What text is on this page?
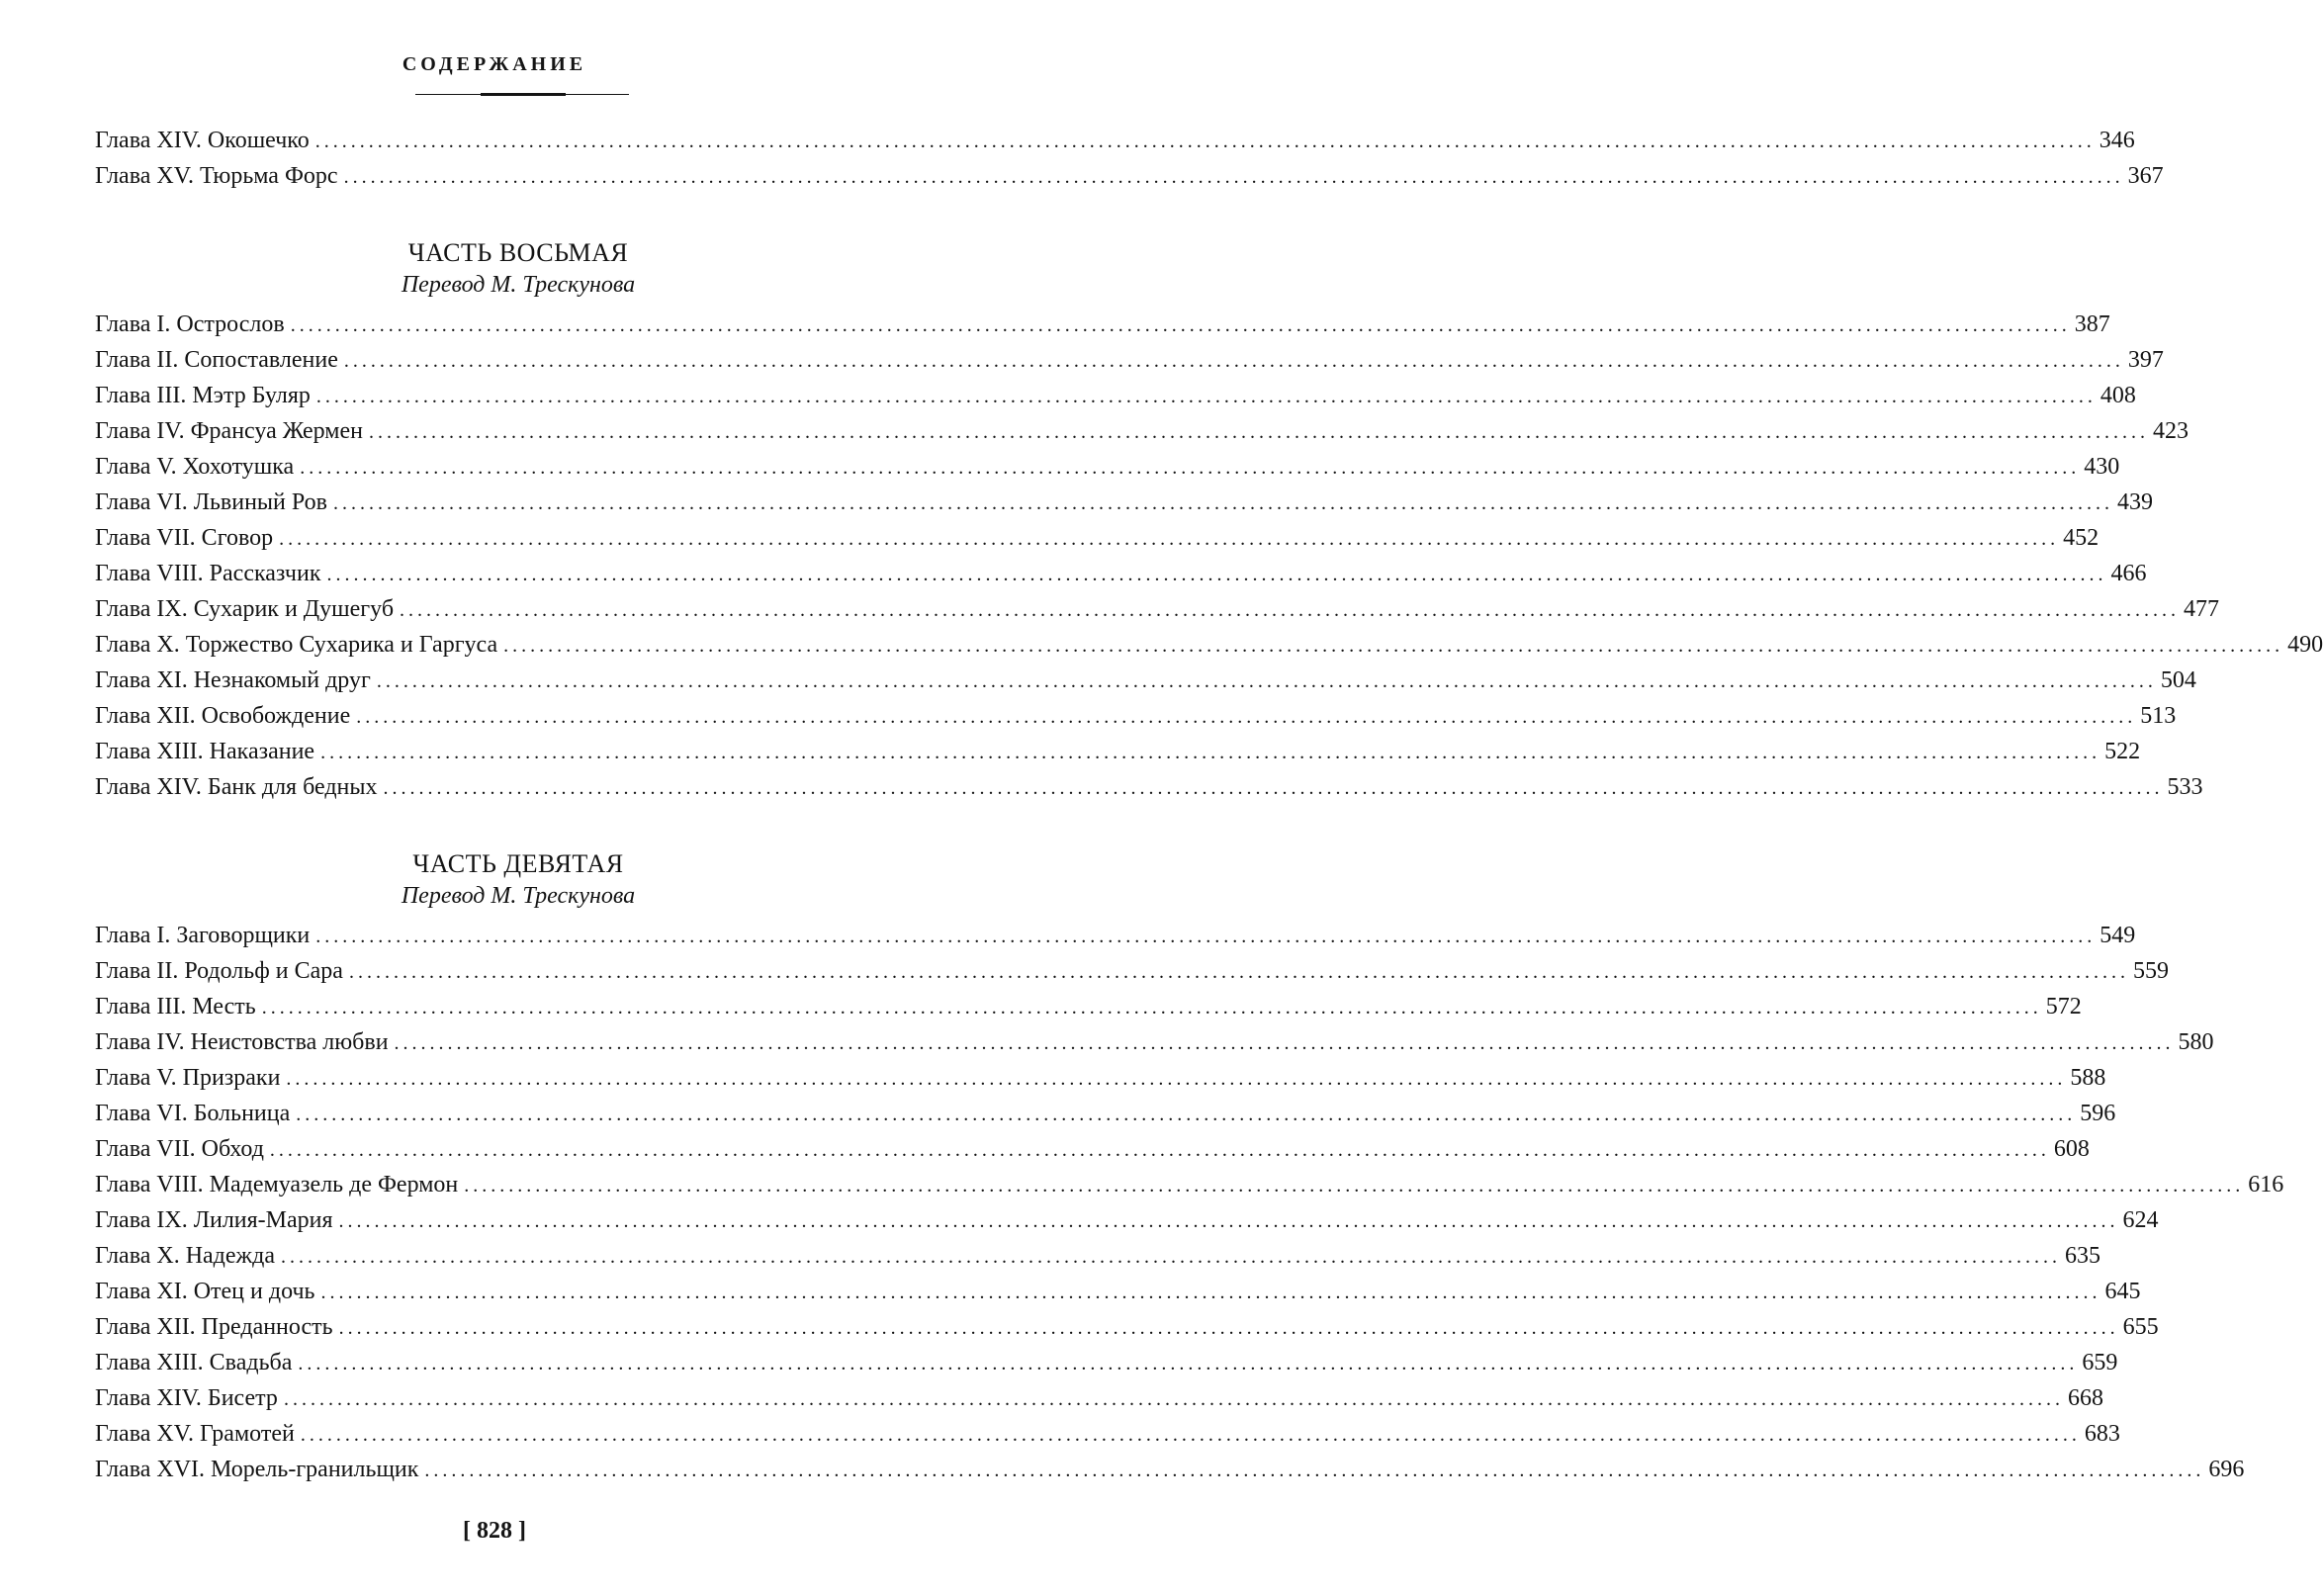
СОДЕРЖАНИЕ
Глава XIV. Окошечко ........................................................................................................................................................................................................ 346
Глава XV. Тюрьма Форс ........................................................................................................................................................................................................ 367
ЧАСТЬ ВОСЬМАЯ
Перевод М. Трескунова
Глава I. Острослов ........................................................................................................................................................................................................ 387
Глава II. Сопоставление ........................................................................................................................................................................................................ 397
Глава III. Мэтр Буляр ........................................................................................................................................................................................................ 408
Глава IV. Франсуа Жермен ........................................................................................................................................................................................................ 423
Глава V. Хохотушка ........................................................................................................................................................................................................ 430
Глава VI. Львиный Ров ........................................................................................................................................................................................................ 439
Глава VII. Сговор ........................................................................................................................................................................................................ 452
Глава VIII. Рассказчик ........................................................................................................................................................................................................ 466
Глава IX. Сухарик и Душегуб ........................................................................................................................................................................................................ 477
Глава X. Торжество Сухарика и Гаргуса ........................................................................................................................................................................................................ 490
Глава XI. Незнакомый друг ........................................................................................................................................................................................................ 504
Глава XII. Освобождение ........................................................................................................................................................................................................ 513
Глава XIII. Наказание ........................................................................................................................................................................................................ 522
Глава XIV. Банк для бедных ........................................................................................................................................................................................................ 533
ЧАСТЬ ДЕВЯТАЯ
Перевод М. Трескунова
Глава I. Заговорщики ........................................................................................................................................................................................................ 549
Глава II. Родольф и Сара ........................................................................................................................................................................................................ 559
Глава III. Месть ........................................................................................................................................................................................................ 572
Глава IV. Неистовства любви ........................................................................................................................................................................................................ 580
Глава V. Призраки ........................................................................................................................................................................................................ 588
Глава VI. Больница ........................................................................................................................................................................................................ 596
Глава VII. Обход ........................................................................................................................................................................................................ 608
Глава VIII. Мадемуазель де Фермон ........................................................................................................................................................................................................ 616
Глава IX. Лилия-Мария ........................................................................................................................................................................................................ 624
Глава X. Надежда ........................................................................................................................................................................................................ 635
Глава XI. Отец и дочь ........................................................................................................................................................................................................ 645
Глава XII. Преданность ........................................................................................................................................................................................................ 655
Глава XIII. Свадьба ........................................................................................................................................................................................................ 659
Глава XIV. Бисетр ........................................................................................................................................................................................................ 668
Глава XV. Грамотей ........................................................................................................................................................................................................ 683
Глава XVI. Морель-гранильщик ........................................................................................................................................................................................................ 696
[ 828 ]
